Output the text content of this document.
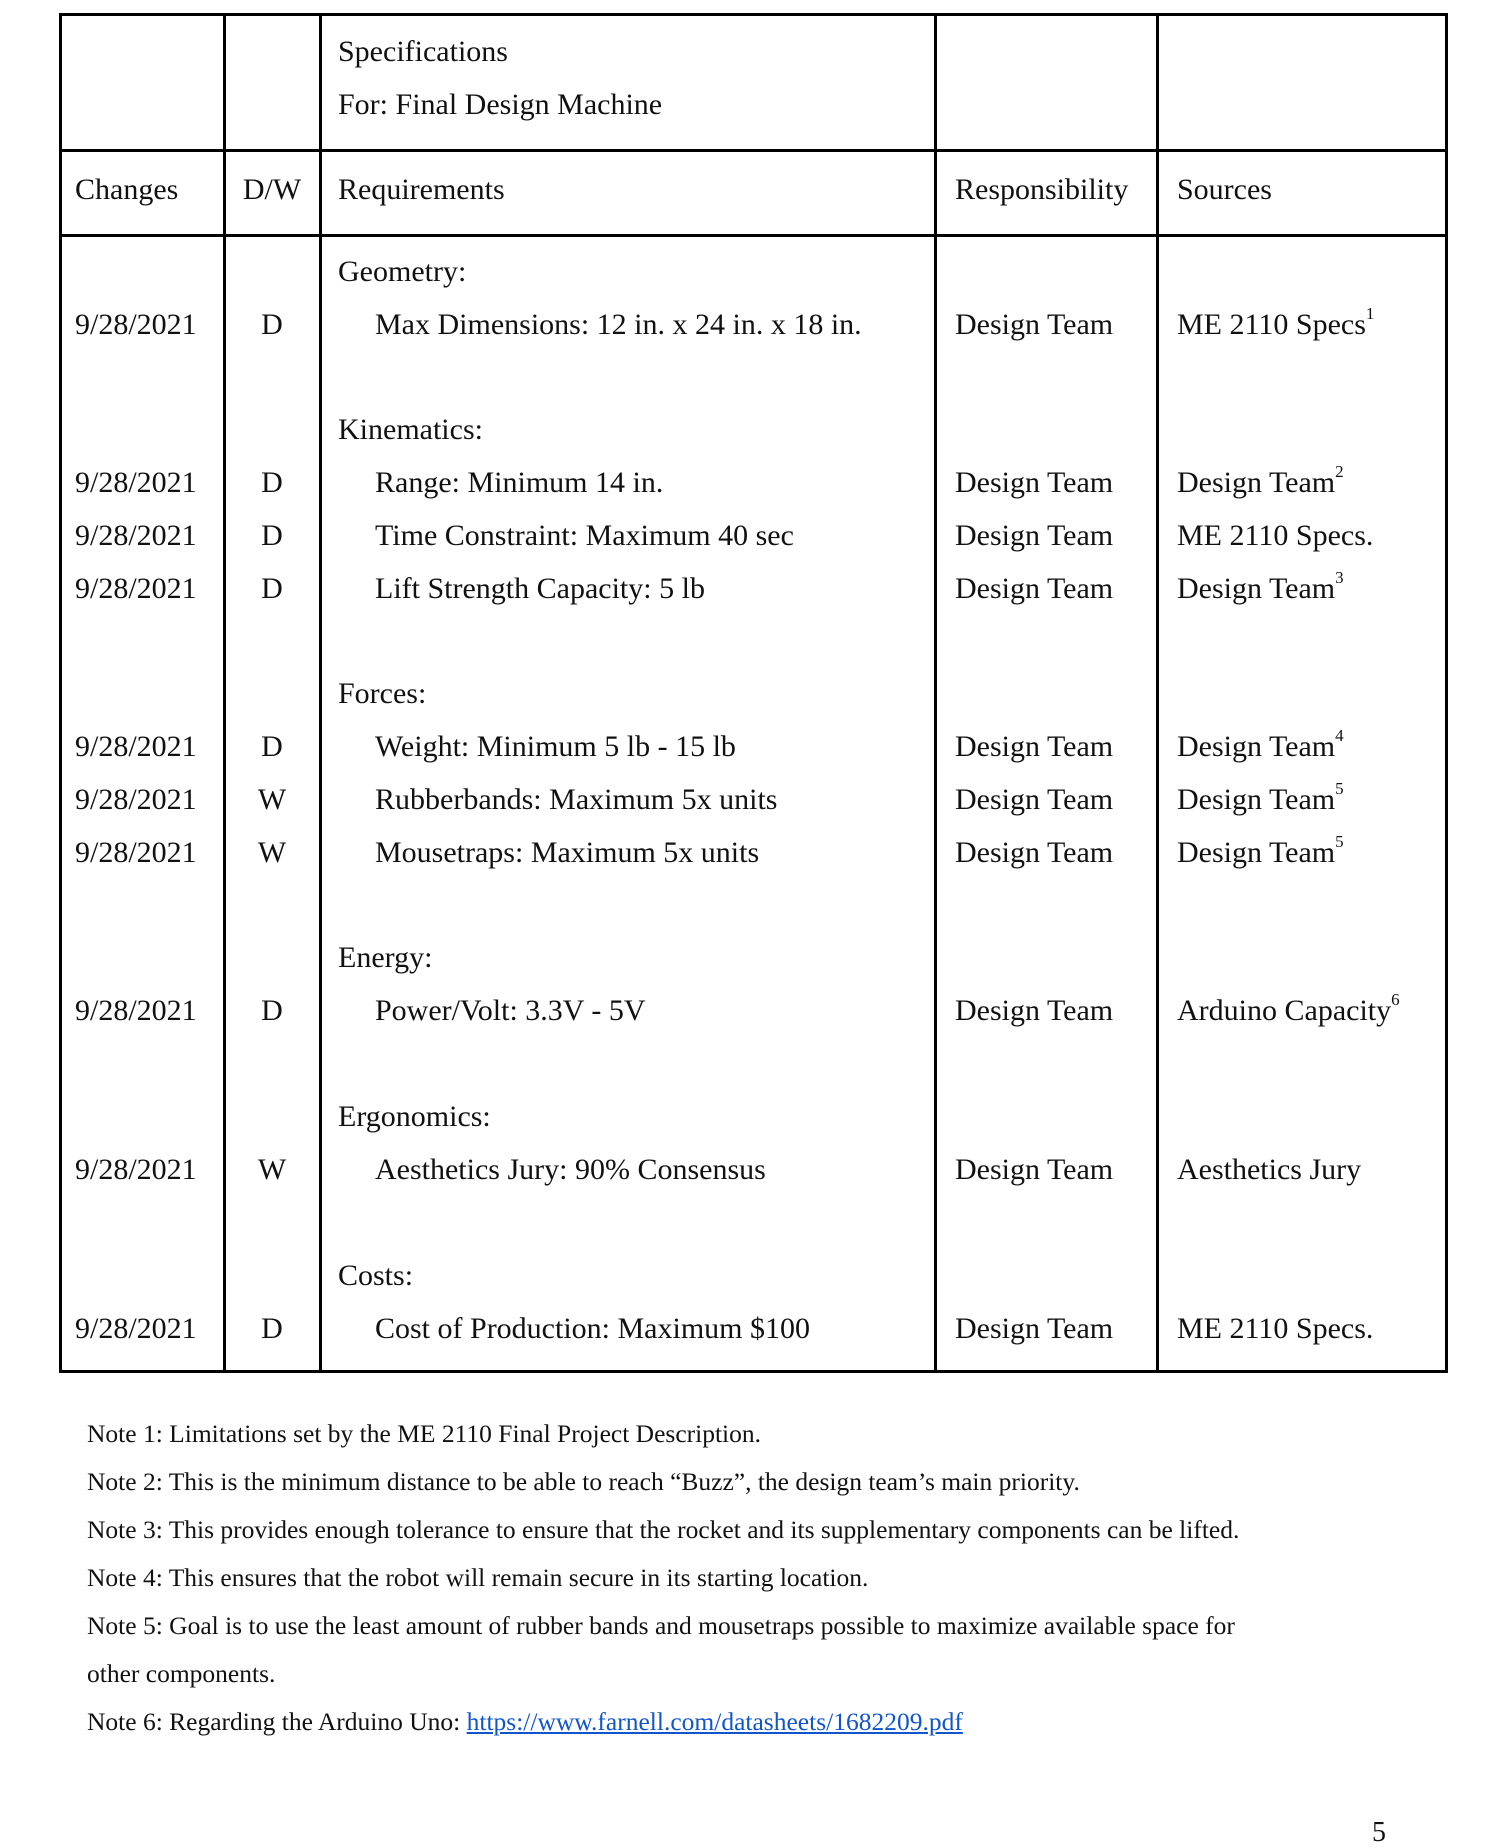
Specifications
For: Final Design Machine
Changes D/W Requirements	Responsibility Sources
Geometry:
9/28/2021 D	Max Dimensions: 12 in. x 24 in. x 18 in.	Design Team ME 2110 Specs$^1$
Kinematics:
9/28/2021 D	Range: Minimum 14 in.	Design Team Design Team$^2$
9/28/2021 D	Time Constraint: Maximum 40 sec	Design Team ME 2110 Specs.
9/28/2021 D	Lift Strength Capacity: 5 lb	Design Team Design Team$^3$
Forces:
9/28/2021 D	Weight: Minimum 5 lb - 15 lb	Design Team Design Team$^4$
9/28/2021 W	Rubberbands: Maximum 5x units	Design Team Design Team$^5$
9/28/2021 W	Mousetraps: Maximum 5x units	Design Team Design Team$^5$
Energy:
9/28/2021 D	Power/Volt: 3.3V - 5V	Design Team Arduino Capacity$^6$
Ergonomics:
9/28/2021 W	Aesthetics Jury: 90% Consensus	Design Team Aesthetics Jury
Costs:
9/28/2021 D	Cost of Production: Maximum $100	Design Team ME 2110 Specs.
Note 1: Limitations set by the ME 2110 Final Project Description.
Note 2: This is the minimum distance to be able to reach “Buzz”, the design team’s main priority.
Note 3: This provides enough tolerance to ensure that the rocket and its supplementary components can be lifted.
Note 4: This ensures that the robot will remain secure in its starting location.
Note 5: Goal is to use the least amount of rubber bands and mousetraps possible to maximize available space for
other components.
Note 6: Regarding the Arduino Uno: https://www.farnell.com/datasheets/1682209.pdf
5
